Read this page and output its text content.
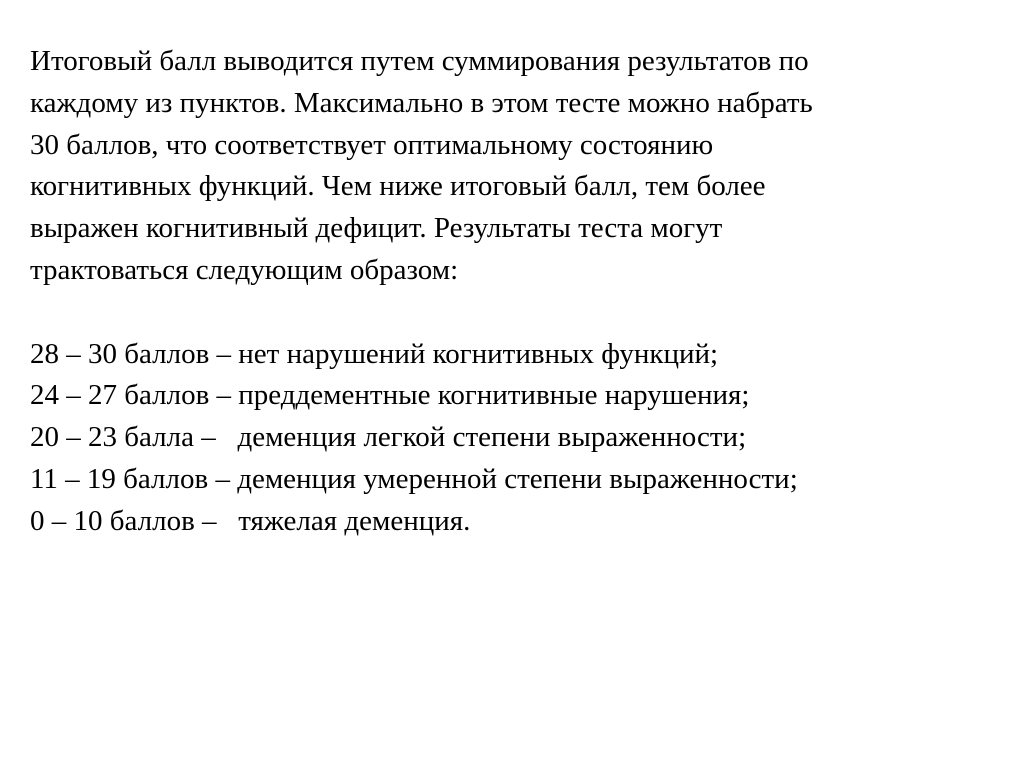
Итоговый балл выводится путем суммирования результатов по
каждому из пунктов. Максимально в этом тесте можно набрать
30 баллов, что соответствует оптимальному состоянию
когнитивных функций. Чем ниже итоговый балл, тем более
выражен когнитивный дефицит. Результаты теста могут
трактоваться следующим образом:
28 – 30 баллов – нет нарушений когнитивных функций;
24 – 27 баллов – преддементные когнитивные нарушения;
20 – 23 балла –   деменция легкой степени выраженности;
11 – 19 баллов – деменция умеренной степени выраженности;
0 – 10 баллов –   тяжелая деменция.
